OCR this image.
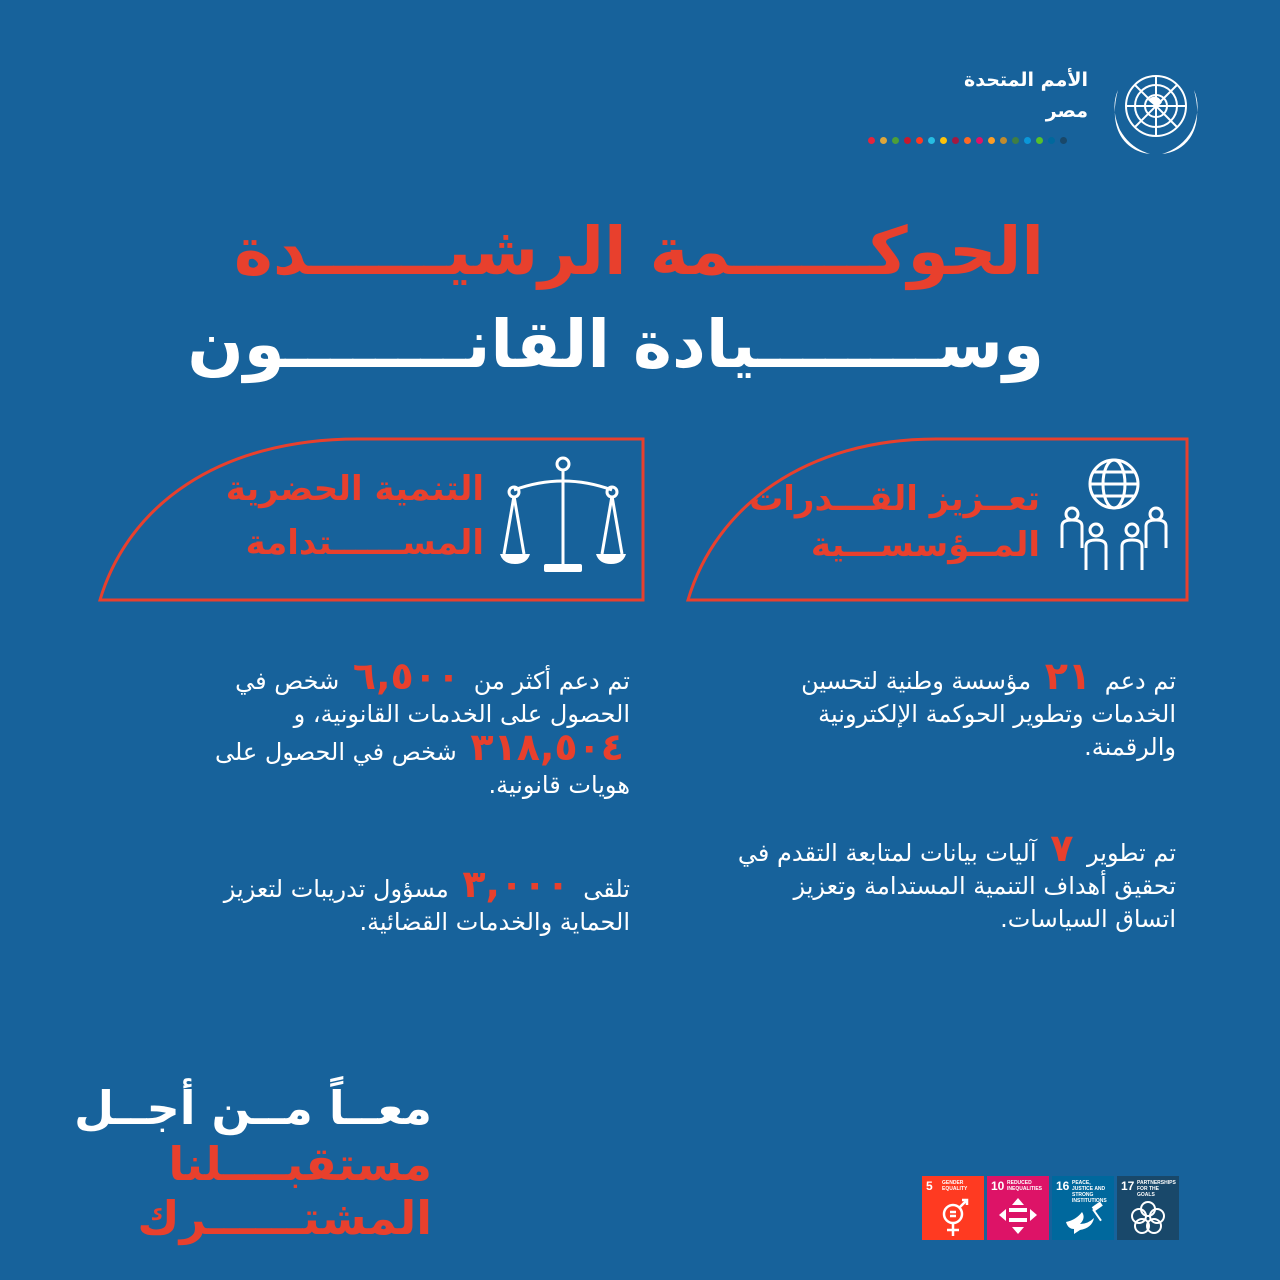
الأمم المتحدة
مصر
الحوكــــــمة الرشيــــــدة
وســــــــيادة القانــــــــون
تعــزيز القـــدرات
المــؤسســـية
التنمية الحضرية
المســــــتدامة
تم دعم ٢١ مؤسسة وطنية لتحسين الخدمات وتطوير الحوكمة الإلكترونية والرقمنة.
تم تطوير ٧ آليات بيانات لمتابعة التقدم في تحقيق أهداف التنمية المستدامة وتعزيز اتساق السياسات.
تم دعم أكثر من ٦,٥٠٠ شخص في الحصول على الخدمات القانونية، و ٣١٨,٥٠٤ شخص في الحصول على هويات قانونية.
تلقى ٣,٠٠٠ مسؤول تدريبات لتعزيز الحماية والخدمات القضائية.
معــاً مــن أجــل
مستقبــــلنا
المشتــــــرك
5 GENDER EQUALITY	10 REDUCED INEQUALITIES	16 PEACE, JUSTICE AND STRONG INSTITUTIONS
17 PARTNERSHIPS FOR THE GOALS
